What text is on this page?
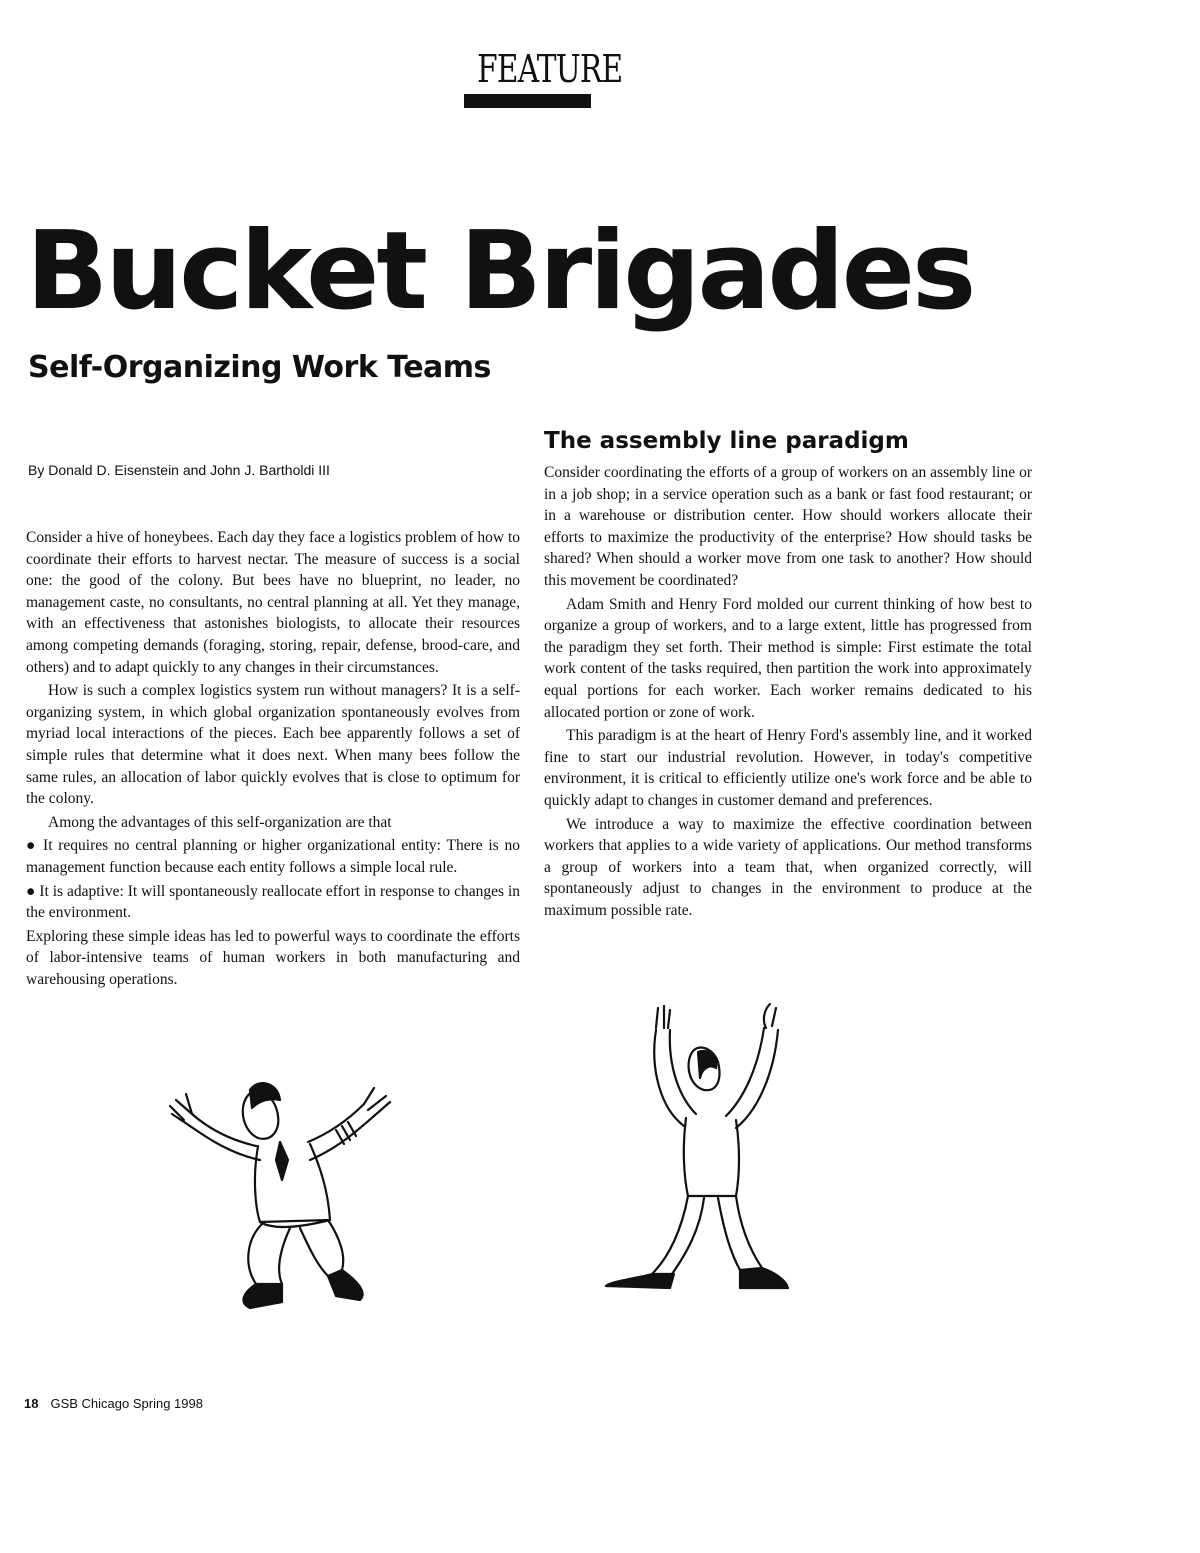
FEATURE
Bucket Brigades
Self-Organizing Work Teams
By Donald D. Eisenstein and John J. Bartholdi III

Consider a hive of honeybees. Each day they face a logistics problem of how to coordinate their efforts to harvest nectar. The measure of success is a social one: the good of the colony. But bees have no blueprint, no leader, no management caste, no consultants, no central planning at all. Yet they manage, with an effectiveness that astonishes biologists, to allocate their resources among competing demands (foraging, storing, repair, defense, brood-care, and others) and to adapt quickly to any changes in their circumstances.

How is such a complex logistics system run without managers? It is a self-organizing system, in which global organization spontaneously evolves from myriad local interactions of the pieces. Each bee apparently follows a set of simple rules that determine what it does next. When many bees follow the same rules, an allocation of labor quickly evolves that is close to optimum for the colony.

Among the advantages of this self-organization are that

● It requires no central planning or higher organizational entity: There is no management function because each entity follows a simple local rule.

● It is adaptive: It will spontaneously reallocate effort in response to changes in the environment.

Exploring these simple ideas has led to powerful ways to coordinate the efforts of labor-intensive teams of human workers in both manufacturing and warehousing operations.

The assembly line paradigm

Consider coordinating the efforts of a group of workers on an assembly line or in a job shop; in a service operation such as a bank or fast food restaurant; or in a warehouse or distribution center. How should workers allocate their efforts to maximize the productivity of the enterprise? How should tasks be shared? When should a worker move from one task to another? How should this movement be coordinated?

Adam Smith and Henry Ford molded our current thinking of how best to organize a group of workers, and to a large extent, little has progressed from the paradigm they set forth. Their method is simple: First estimate the total work content of the tasks required, then partition the work into approximately equal portions for each worker. Each worker remains dedicated to his allocated portion or zone of work.

This paradigm is at the heart of Henry Ford's assembly line, and it worked fine to start our industrial revolution. However, in today's competitive environment, it is critical to efficiently utilize one's work force and be able to quickly adapt to changes in customer demand and preferences.

We introduce a way to maximize the effective coordination between workers that applies to a wide variety of applications. Our method transforms a group of workers into a team that, when organized correctly, will spontaneously adjust to changes in the environment to produce at the maximum possible rate.

18 GSB Chicago Spring 1998
